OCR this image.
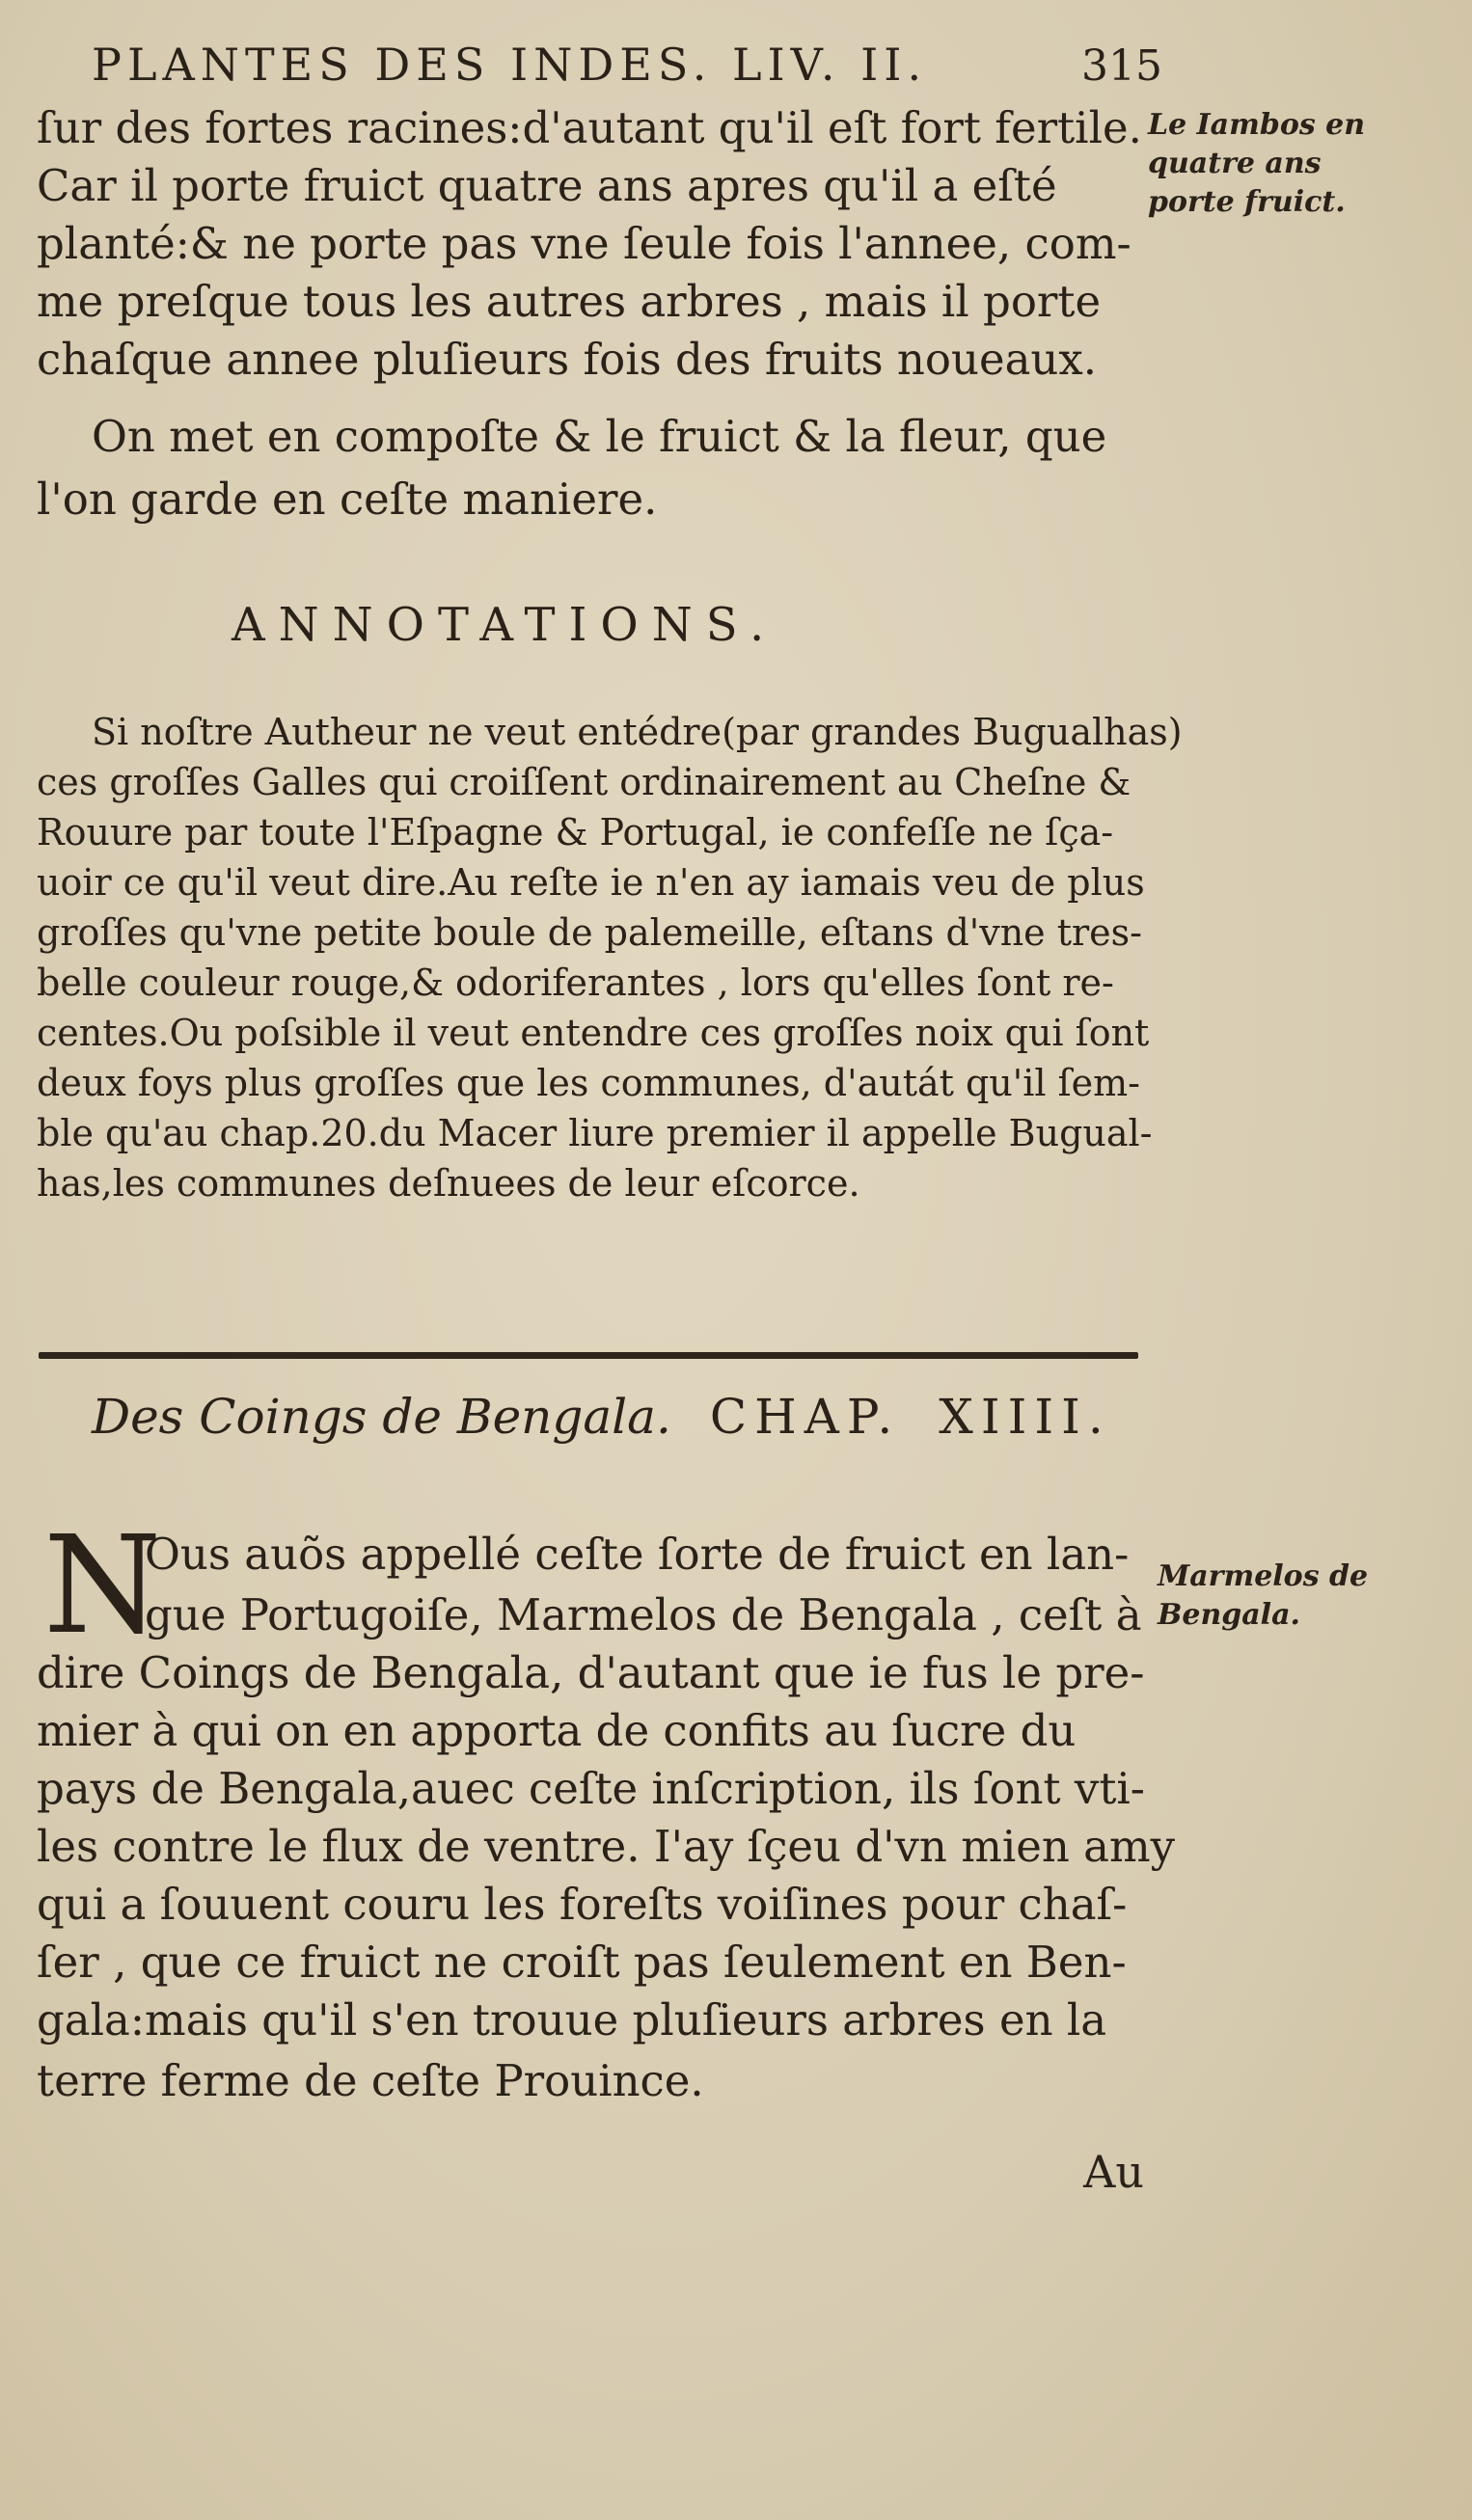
PLANTES DES INDES. LIV. II.	315
ſur des fortes racines:d'autant qu'il eſt fort fertile.
Car il porte fruict quatre ans apres qu'il a eſté
planté:& ne porte pas vne ſeule fois l'annee, com-
me preſque tous les autres arbres , mais il porte
chaſque annee pluſieurs fois des fruits noueaux.
On met en compoſte & le fruict & la fleur, que
l'on garde en ceſte maniere.
Le Iambos en
quatre ans
porte fruict.
ANNOTATIONS.
Si noſtre Autheur ne veut entédre(par grandes Bugualhas)
ces groſſes Galles qui croiſſent ordinairement au Cheſne &
Rouure par toute l'Eſpagne & Portugal, ie confeſſe ne ſça-
uoir ce qu'il veut dire.Au reſte ie n'en ay iamais veu de plus
groſſes qu'vne petite boule de palemeille, eſtans d'vne tres-
belle couleur rouge,& odoriferantes , lors qu'elles ſont re-
centes.Ou poſsible il veut entendre ces groſſes noix qui ſont
deux foys plus groſſes que les communes, d'autát qu'il ſem-
ble qu'au chap.20.du Macer liure premier il appelle Bugual-
has,les communes deſnuees de leur eſcorce.
Des Coings de Bengala. CHAP. XIIII.
N
Ous auõs appellé ceſte ſorte de fruict en lan-
gue Portugoiſe, Marmelos de Bengala , ceſt à
dire Coings de Bengala, d'autant que ie fus le pre-
mier à qui on en apporta de confits au ſucre du
pays de Bengala,auec ceſte inſcription, ils ſont vti-
les contre le flux de ventre. I'ay ſçeu d'vn mien amy
qui a ſouuent couru les foreſts voiſines pour chaſ-
ſer , que ce fruict ne croiſt pas ſeulement en Ben-
gala:mais qu'il s'en trouue pluſieurs arbres en la
terre ferme de ceſte Prouince.
Marmelos de
Bengala.
Au
